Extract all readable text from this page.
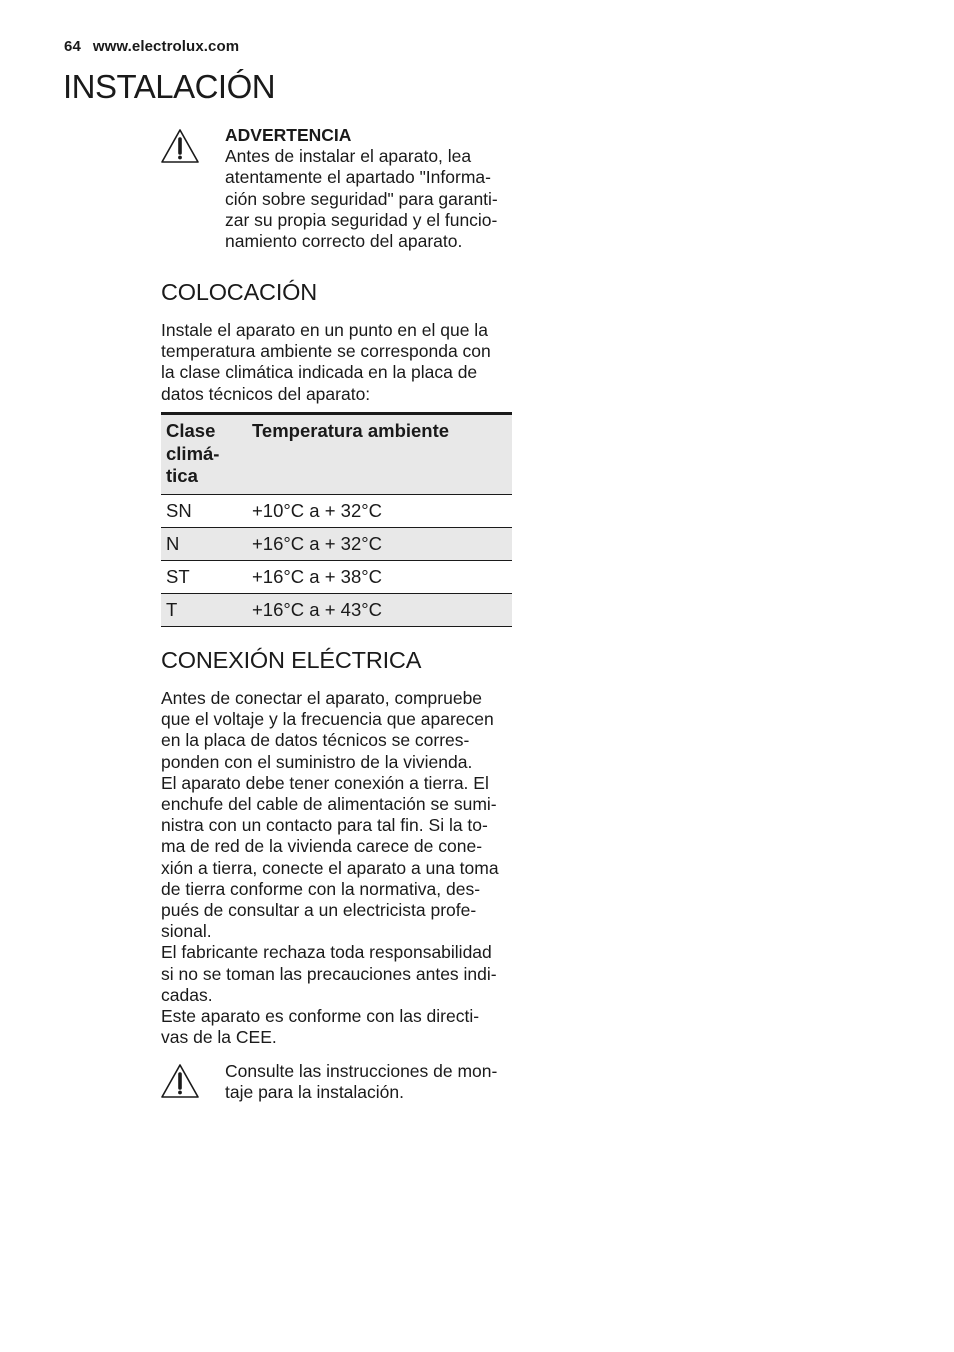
64 www.electrolux.com
INSTALACIÓN
ADVERTENCIA
Antes de instalar el aparato, lea
atentamente el apartado "Informa-
ción sobre seguridad" para garanti-
zar su propia seguridad y el funcio-
namiento correcto del aparato.
COLOCACIÓN
Instale el aparato en un punto en el que la
temperatura ambiente se corresponda con
la clase climática indicada en la placa de
datos técnicos del aparato:
Clase
climá-
tica	Temperatura ambiente
SN	+10°C a + 32°C
N	+16°C a + 32°C
ST	+16°C a + 38°C
T	+16°C a + 43°C
CONEXIÓN ELÉCTRICA
Antes de conectar el aparato, compruebe
que el voltaje y la frecuencia que aparecen
en la placa de datos técnicos se corres-
ponden con el suministro de la vivienda.
El aparato debe tener conexión a tierra. El
enchufe del cable de alimentación se sumi-
nistra con un contacto para tal fin. Si la to-
ma de red de la vivienda carece de cone-
xión a tierra, conecte el aparato a una toma
de tierra conforme con la normativa, des-
pués de consultar a un electricista profe-
sional.
El fabricante rechaza toda responsabilidad
si no se toman las precauciones antes indi-
cadas.
Este aparato es conforme con las directi-
vas de la CEE.
Consulte las instrucciones de mon-
taje para la instalación.
